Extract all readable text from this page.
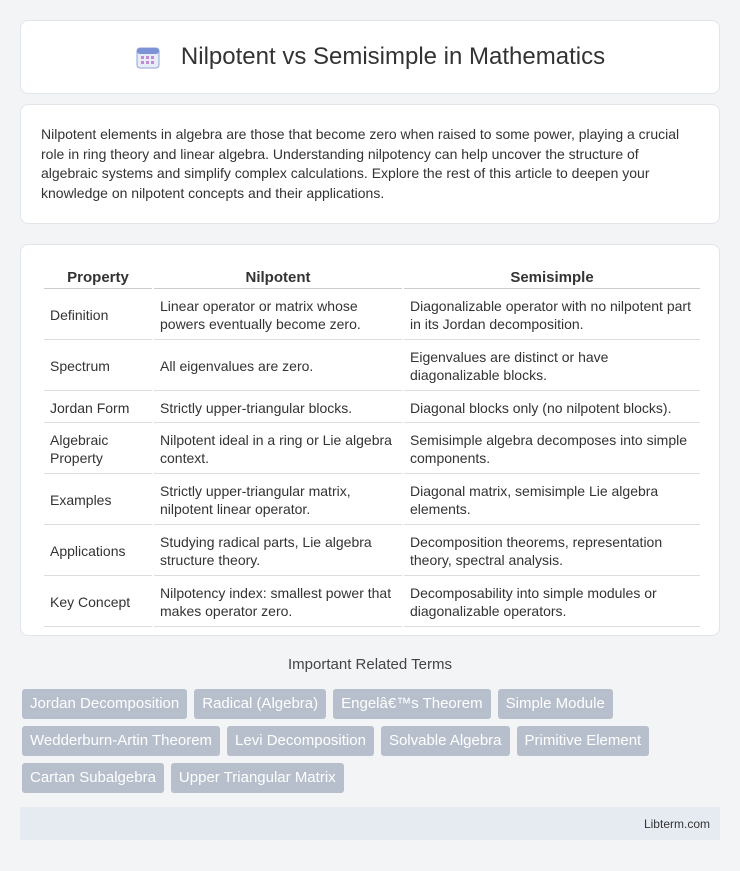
Nilpotent vs Semisimple in Mathematics

Nilpotent elements in algebra are those that become zero when raised to some power, playing a crucial role in ring theory and linear algebra. Understanding nilpotency can help uncover the structure of algebraic systems and simplify complex calculations. Explore the rest of this article to deepen your knowledge on nilpotent concepts and their applications.

Property	Nilpotent	Semisimple
Definition	Linear operator or matrix whose powers eventually become zero.	Diagonalizable operator with no nilpotent part in its Jordan decomposition.
Spectrum	All eigenvalues are zero.	Eigenvalues are distinct or have diagonalizable blocks.
Jordan Form	Strictly upper-triangular blocks.	Diagonal blocks only (no nilpotent blocks).
Algebraic Property	Nilpotent ideal in a ring or Lie algebra context.	Semisimple algebra decomposes into simple components.
Examples	Strictly upper-triangular matrix, nilpotent linear operator.	Diagonal matrix, semisimple Lie algebra elements.
Applications	Studying radical parts, Lie algebra structure theory.	Decomposition theorems, representation theory, spectral analysis.
Key Concept	Nilpotency index: smallest power that makes operator zero.	Decomposability into simple modules or diagonalizable operators.
Important Related Terms
Jordan Decomposition	Radical (Algebra)	Engelâ€™s Theorem	Simple Module
Wedderburn-Artin Theorem	Levi Decomposition	Solvable Algebra	Primitive Element
Cartan Subalgebra	Upper Triangular Matrix
Libterm.com
